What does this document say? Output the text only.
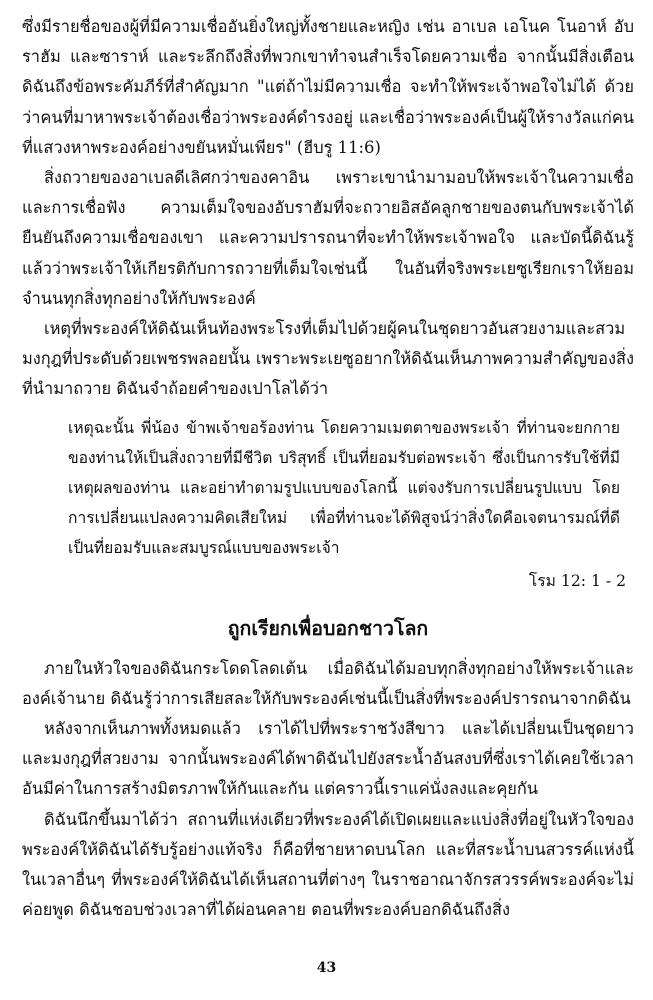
ซึ่งมีรายชื่อของผู้ที่มีความเชื่ออันยิ่งใหญ่ทั้งชายและหญิง เช่น อาเบล เอโนค โนอาห์ อับราฮัม และซาราห์ และระลึกถึงสิ่งที่พวกเขาทำจนสำเร็จโดยความเชื่อ จากนั้นมีสิ่งเตือนดิฉันถึงข้อพระคัมภีร์ที่สำคัญมาก "แต่ถ้าไม่มีความเชื่อ จะทำให้พระเจ้าพอใจไม่ได้ ด้วยว่าคนที่มาหาพระเจ้าต้องเชื่อว่าพระองค์ดำรงอยู่ และเชื่อว่าพระองค์เป็นผู้ให้รางวัลแก่คนที่แสวงหาพระองค์อย่างขยันหมั่นเพียร" (ฮีบรู 11:6)

สิ่งถวายของอาเบลดีเลิศกว่าของคาอิน เพราะเขานำมามอบให้พระเจ้าในความเชื่อและการเชื่อฟัง ความเต็มใจของอับราฮัมที่จะถวายอิสอัคลูกชายของตนกับพระเจ้าได้ยืนยันถึงความเชื่อของเขา และความปรารถนาที่จะทำให้พระเจ้าพอใจ และบัดนี้ดิฉันรู้แล้วว่าพระเจ้าให้เกียรติกับการถวายที่เต็มใจเช่นนี้ ในอันที่จริงพระเยซูเรียกเราให้ยอมจำนนทุกสิ่งทุกอย่างให้กับพระองค์

เหตุที่พระองค์ให้ดิฉันเห็นท้องพระโรงที่เต็มไปด้วยผู้คนในชุดยาวอันสวยงามและสวมมงกุฎที่ประดับด้วยเพชรพลอยนั้น เพราะพระเยซูอยากให้ดิฉันเห็นภาพความสำคัญของสิ่งที่นำมาถวาย ดิฉันจำถ้อยคำของเปาโลได้ว่า

เหตุฉะนั้น พี่น้อง ข้าพเจ้าขอร้องท่าน โดยความเมตตาของพระเจ้า ที่ท่านจะยกกายของท่านให้เป็นสิ่งถวายที่มีชีวิต บริสุทธิ์ เป็นที่ยอมรับต่อพระเจ้า ซึ่งเป็นการรับใช้ที่มีเหตุผลของท่าน และอย่าทำตามรูปแบบของโลกนี้ แต่จงรับการเปลี่ยนรูปแบบ โดยการเปลี่ยนแปลงความคิดเสียใหม่ เพื่อที่ท่านจะได้พิสูจน์ว่าสิ่งใดคือเจตนารมณ์ที่ดี เป็นที่ยอมรับและสมบูรณ์แบบของพระเจ้า
โรม 12: 1 - 2
ถูกเรียกเพื่อบอกชาวโลก

ภายในหัวใจของดิฉันกระโดดโลดเต้น เมื่อดิฉันได้มอบทุกสิ่งทุกอย่างให้พระเจ้าและองค์เจ้านาย ดิฉันรู้ว่าการเสียสละให้กับพระองค์เช่นนี้เป็นสิ่งที่พระองค์ปรารถนาจากดิฉัน

หลังจากเห็นภาพทั้งหมดแล้ว เราได้ไปที่พระราชวังสีขาว และได้เปลี่ยนเป็นชุดยาวและมงกุฎที่สวยงาม จากนั้นพระองค์ได้พาดิฉันไปยังสระน้ำอันสงบที่ซึ่งเราได้เคยใช้เวลาอันมีค่าในการสร้างมิตรภาพให้กันและกัน แต่คราวนี้เราแค่นั่งลงและคุยกัน

ดิฉันนึกขึ้นมาได้ว่า สถานที่แห่งเดียวที่พระองค์ได้เปิดเผยและแบ่งสิ่งที่อยู่ในหัวใจของพระองค์ให้ดิฉันได้รับรู้อย่างแท้จริง ก็คือที่ชายหาดบนโลก และที่สระน้ำบนสวรรค์แห่งนี้ ในเวลาอื่นๆ ที่พระองค์ให้ดิฉันได้เห็นสถานที่ต่างๆ ในราชอาณาจักรสวรรค์พระองค์จะไม่ค่อยพูด ดิฉันชอบช่วงเวลาที่ได้ผ่อนคลาย ตอนที่พระองค์บอกดิฉันถึงสิ่ง

43
